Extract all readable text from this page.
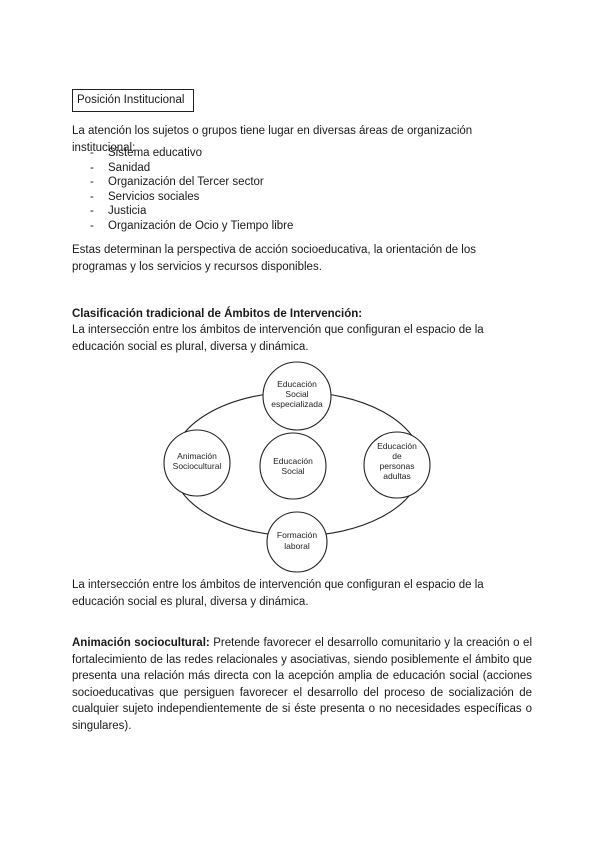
Posición Institucional

La atención los sujetos o grupos tiene lugar en diversas áreas de organización institucional:

- Sistema educativo
- Sanidad
- Organización del Tercer sector
- Servicios sociales
- Justicia
- Organización de Ocio y Tiempo libre

Estas determinan la perspectiva de acción socioeducativa, la orientación de los programas y los servicios y recursos disponibles.

Clasificación tradicional de Ámbitos de Intervención:

La intersección entre los ámbitos de intervención que configuran el espacio de la educación social es plural, diversa y dinámica.

Educación
Social
especializada
Animación
Sociocultural	Educación
Social
Educación
de
personas
adultas
Formación
laboral

La intersección entre los ámbitos de intervención que configuran el espacio de la educación social es plural, diversa y dinámica.

Animación sociocultural: Pretende favorecer el desarrollo comunitario y la creación o el fortalecimiento de las redes relacionales y asociativas, siendo posiblemente el ámbito que presenta una relación más directa con la acepción amplia de educación social (acciones socioeducativas que persiguen favorecer el desarrollo del proceso de socialización de cualquier sujeto independientemente de si éste presenta o no necesidades específicas o singulares).
